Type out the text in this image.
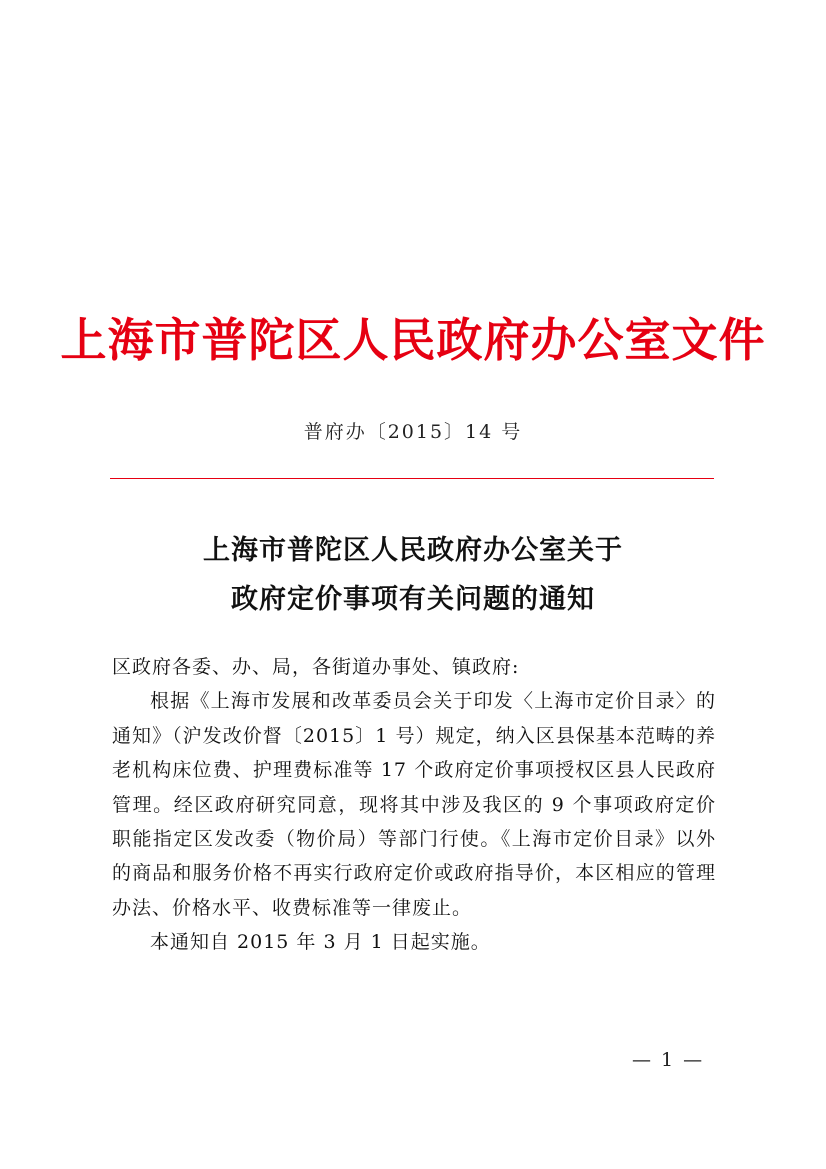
上海市普陀区人民政府办公室文件
普府办〔2015〕14 号
上海市普陀区人民政府办公室关于
政府定价事项有关问题的通知

区政府各委、办、局，各街道办事处、镇政府:

根据《上海市发展和改革委员会关于印发〈上海市定价目录〉的通知》（沪发改价督〔2015〕1 号）规定，纳入区县保基本范畴的养老机构床位费、护理费标准等 17 个政府定价事项授权区县人民政府管理。经区政府研究同意，现将其中涉及我区的 9 个事项政府定价职能指定区发改委（物价局）等部门行使。《上海市定价目录》以外的商品和服务价格不再实行政府定价或政府指导价，本区相应的管理办法、价格水平、收费标准等一律废止。

本通知自 2015 年 3 月 1 日起实施。

— 1 —
